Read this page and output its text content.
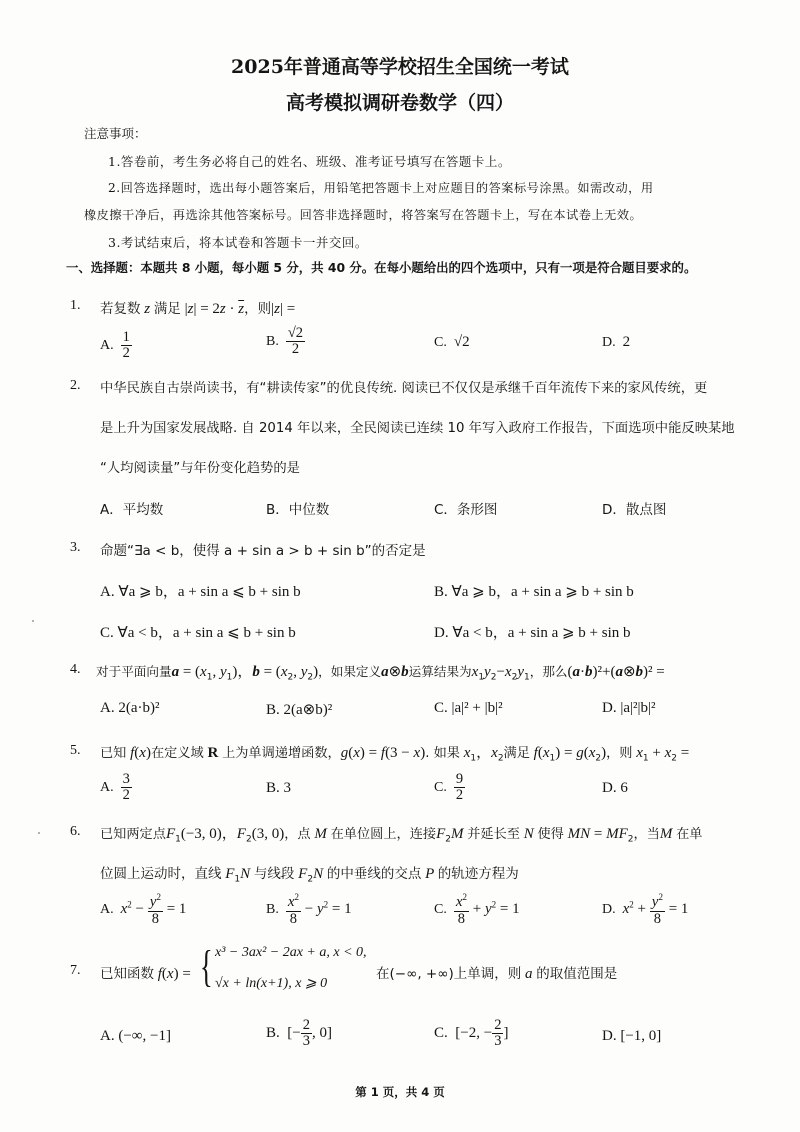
2025年普通高等学校招生全国统一考试
高考模拟调研卷数学（四）
注意事项：
1.答卷前，考生务必将自己的姓名、班级、准考证号填写在答题卡上。
2.回答选择题时，选出每小题答案后，用铅笔把答题卡上对应题目的答案标号涂黑。如需改动，用
橡皮擦干净后，再选涂其他答案标号。回答非选择题时，将答案写在答题卡上，写在本试卷上无效。
3.考试结束后，将本试卷和答题卡一并交回。
一、选择题：本题共 8 小题，每小题 5 分，共 40 分。在每小题给出的四个选项中，只有一项是符合题目要求的。
1. 若复数 z 满足 $|z| = 2z \cdot \overline{z}$，则|z| =
A. $\frac{1}{2}$	B. $\frac{√2}{2}$	C. √2	D. 2
2. 中华民族自古崇尚读书，有“耕读传家”的优良传统. 阅读已不仅仅是承继千百年流传下来的家风传统，更
是上升为国家发展战略. 自 2014 年以来，全民阅读已连续 10 年写入政府工作报告，下面选项中能反映某地
“人均阅读量”与年份变化趋势的是
A．平均数	B．中位数	C．条形图	D．散点图
3. 命题“∃a < b，使得 a + sin a > b + sin b”的否定是
A. ∀a ⩾ b，a + sin a ⩽ b + sin b	B. ∀a ⩾ b，a + sin a ⩾ b + sin b
C. ∀a < b，a + sin a ⩽ b + sin b	D. ∀a < b，a + sin a ⩾ b + sin b
4. 对于平面向量$a = (x_1$, $y_1$)，$b = (x_2$, $y_2$)，如果定义a⊗b运算结果为$x_1y_2-x_2y_1$，那么(a·b)²+(a⊗b)² =
A. 2(a·b)²	B. 2(a⊗b)²	C. |a|² + |b|²	D. |a|²|b|²
5. 已知 f(x)在定义域 R 上为单调递增函数，g(x) = f(3 − x). 如果 $x_1$，$x_2$满足 $f(x_1) = g(x_2)$，则 $x_1 + x_2$ =
A. $\frac{3}{2}$	B. 3	C. $\frac{9}{2}$	D. 6
6. 已知两定点$F_1(-3$, 0)，$F_2(3$, 0)，点 M 在单位圆上，连接$F_2M$ 并延长至 N 使得 MN = $MF_2$，当M 在单
位圆上运动时，直线 $F_1N$ 与线段 $F_2N$ 的中垂线的交点 P 的轨迹方程为
A. $x^2 - \frac{y^2}{8} = 1$	B. $\frac{x^2}{8} - y^2 = 1$	C. $\frac{x^2}{8} + y^2 = 1$	D. $x^2 + \frac{y^2}{8} = 1$
7. 已知函数 f(x) = { x³ − 3ax² − 2ax + a, x < 0,
√x + ln(x+1), x ⩾ 0
在(−∞, +∞)上单调，则 a 的取值范围是
A. (−∞, −1]	B. [− $\frac{2}{3}$ , 0]	C. [−2, − $\frac{2}{3}$ ]	D. [−1, 0]
第 1 页，共 4 页
